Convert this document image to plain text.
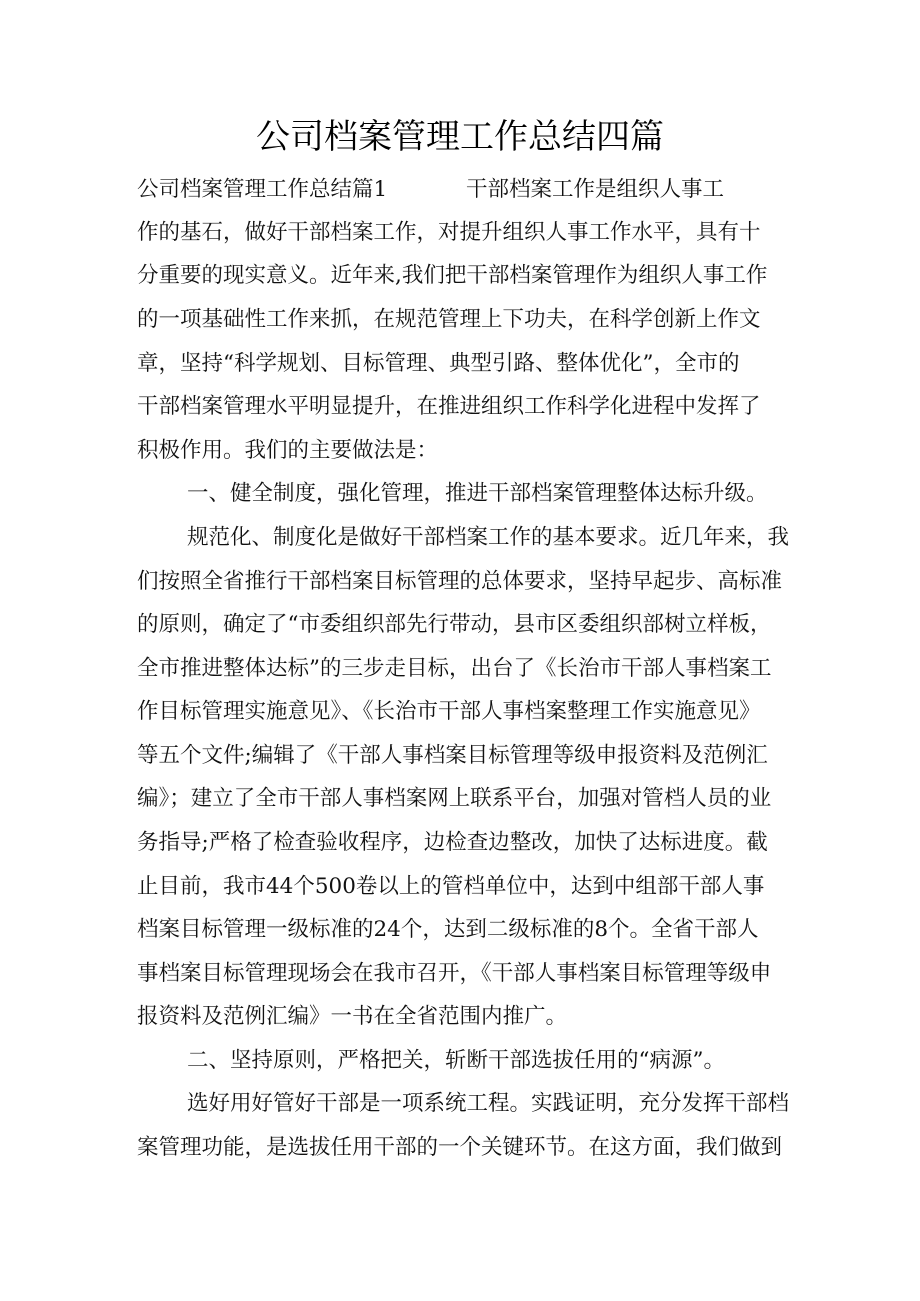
公司档案管理工作总结四篇
公司档案管理工作总结篇1	干部档案工作是组织人事工
作的基石，做好干部档案工作，对提升组织人事工作水平，具有十
分重要的现实意义。近年来,我们把干部档案管理作为组织人事工作
的一项基础性工作来抓，在规范管理上下功夫，在科学创新上作文
章，坚持“科学规划、目标管理、典型引路、整体优化”，全市的
干部档案管理水平明显提升，在推进组织工作科学化进程中发挥了
积极作用。我们的主要做法是：
一、健全制度，强化管理，推进干部档案管理整体达标升级。
规范化、制度化是做好干部档案工作的基本要求。近几年来，我
们按照全省推行干部档案目标管理的总体要求，坚持早起步、高标准
的原则，确定了“市委组织部先行带动，县市区委组织部树立样板，
全市推进整体达标”的三步走目标，出台了《长治市干部人事档案工
作目标管理实施意见》、《长治市干部人事档案整理工作实施意见》
等五个文件;编辑了《干部人事档案目标管理等级申报资料及范例汇
编》；建立了全市干部人事档案网上联系平台，加强对管档人员的业
务指导;严格了检查验收程序，边检查边整改，加快了达标进度。截
止目前，我市44个500卷以上的管档单位中，达到中组部干部人事
档案目标管理一级标准的24个，达到二级标准的8个。全省干部人
事档案目标管理现场会在我市召开，《干部人事档案目标管理等级申
报资料及范例汇编》一书在全省范围内推广。
二、坚持原则，严格把关，斩断干部选拔任用的“病源”。
选好用好管好干部是一项系统工程。实践证明，充分发挥干部档
案管理功能，是选拔任用干部的一个关键环节。在这方面，我们做到
